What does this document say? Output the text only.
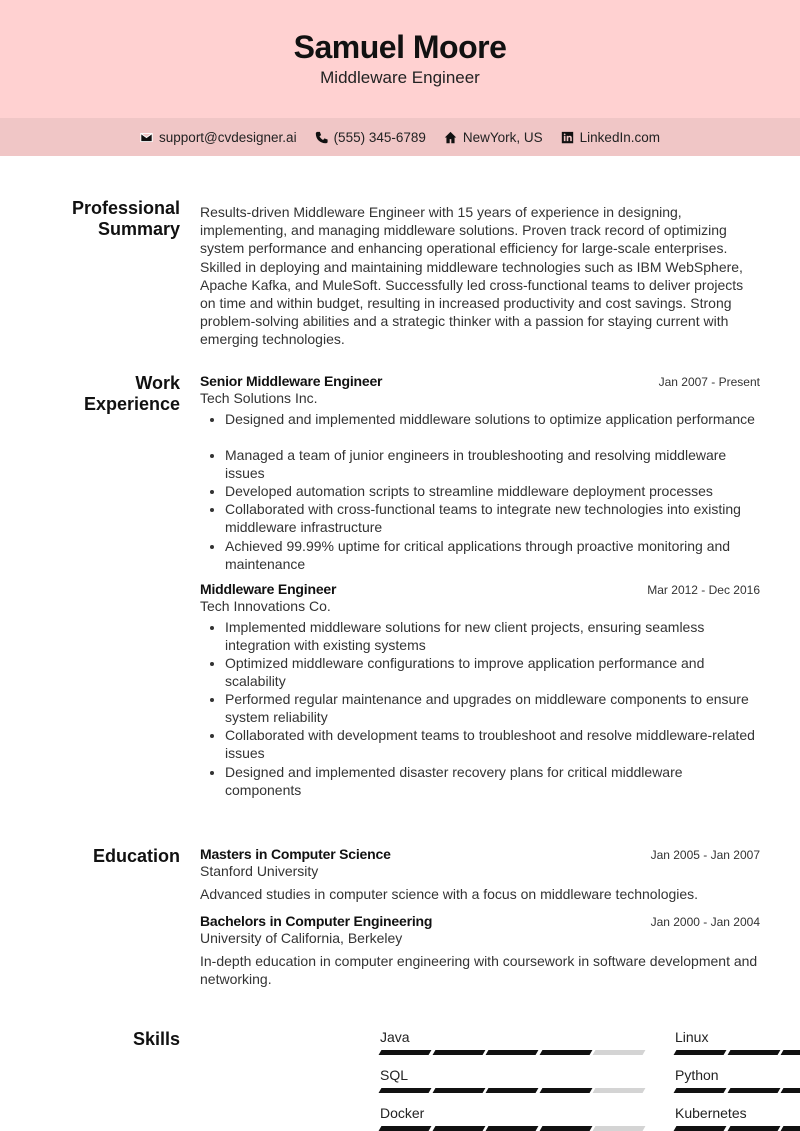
Samuel Moore
Middleware Engineer
support@cvdesigner.ai	(555) 345-6789	NewYork, US	LinkedIn.com
Professional
Summary

Results-driven Middleware Engineer with 15 years of experience in designing, implementing, and managing middleware solutions. Proven track record of optimizing system performance and enhancing operational efficiency for large-scale enterprises. Skilled in deploying and maintaining middleware technologies such as IBM WebSphere, Apache Kafka, and MuleSoft. Successfully led cross-functional teams to deliver projects on time and within budget, resulting in increased productivity and cost savings. Strong problem-solving abilities and a strategic thinker with a passion for staying current with emerging technologies.

Work
Experience
Senior Middleware Engineer	Jan 2007 - Present
Tech Solutions Inc.
• Designed and implemented middleware solutions to optimize application performance
• Managed a team of junior engineers in troubleshooting and resolving middleware issues
• Developed automation scripts to streamline middleware deployment processes
• Collaborated with cross-functional teams to integrate new technologies into existing middleware infrastructure
• Achieved 99.99% uptime for critical applications through proactive monitoring and maintenance
Middleware Engineer	Mar 2012 - Dec 2016
Tech Innovations Co.
• Implemented middleware solutions for new client projects, ensuring seamless integration with existing systems
• Optimized middleware configurations to improve application performance and scalability
• Performed regular maintenance and upgrades on middleware components to ensure system reliability
• Collaborated with development teams to troubleshoot and resolve middleware-related issues
• Designed and implemented disaster recovery plans for critical middleware components
Education Masters in Computer Science	Jan 2005 - Jan 2007
Stanford University
Advanced studies in computer science with a focus on middleware technologies.
Bachelors in Computer Engineering	Jan 2000 - Jan 2004
University of California, Berkeley
In-depth education in computer engineering with coursework in software development and networking.
Skills	Java	Linux
SQL	Python
Docker	Kubernetes
